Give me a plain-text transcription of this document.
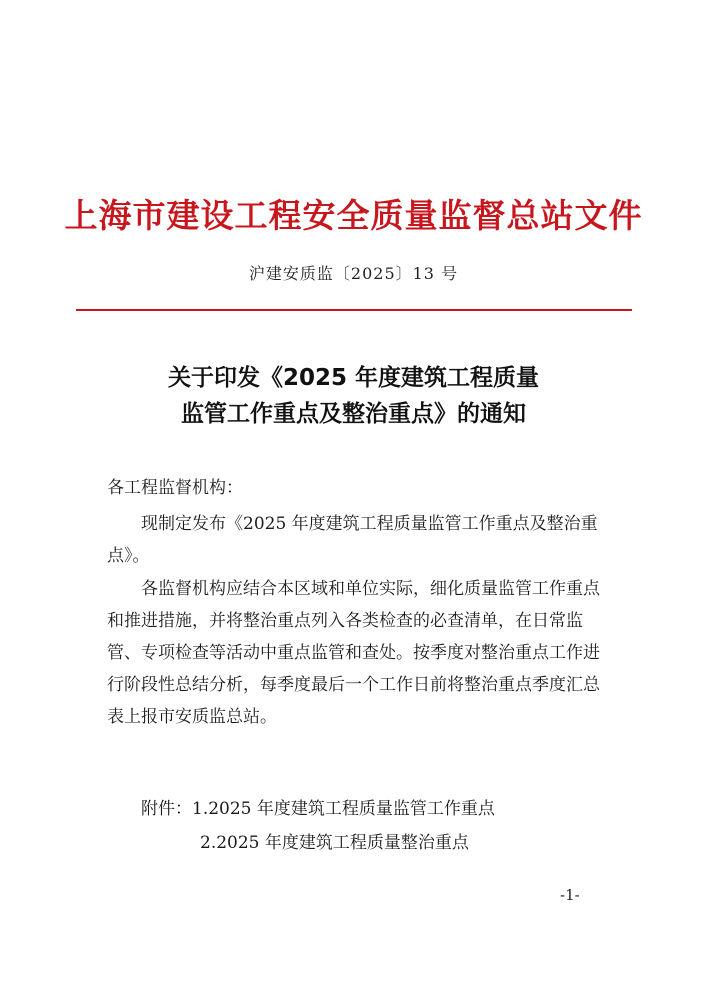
上海市建设工程安全质量监督总站文件
沪建安质监〔2025〕13 号
关于印发《2025 年度建筑工程质量
监管工作重点及整治重点》的通知
各工程监督机构：
现制定发布《2025 年度建筑工程质量监管工作重点及整治重点》。
各监督机构应结合本区域和单位实际，细化质量监管工作重点和推进措施，并将整治重点列入各类检查的必查清单，在日常监管、专项检查等活动中重点监管和查处。按季度对整治重点工作进行阶段性总结分析，每季度最后一个工作日前将整治重点季度汇总表上报市安质监总站。
附件：1.2025 年度建筑工程质量监管工作重点
2.2025 年度建筑工程质量整治重点
-1-
